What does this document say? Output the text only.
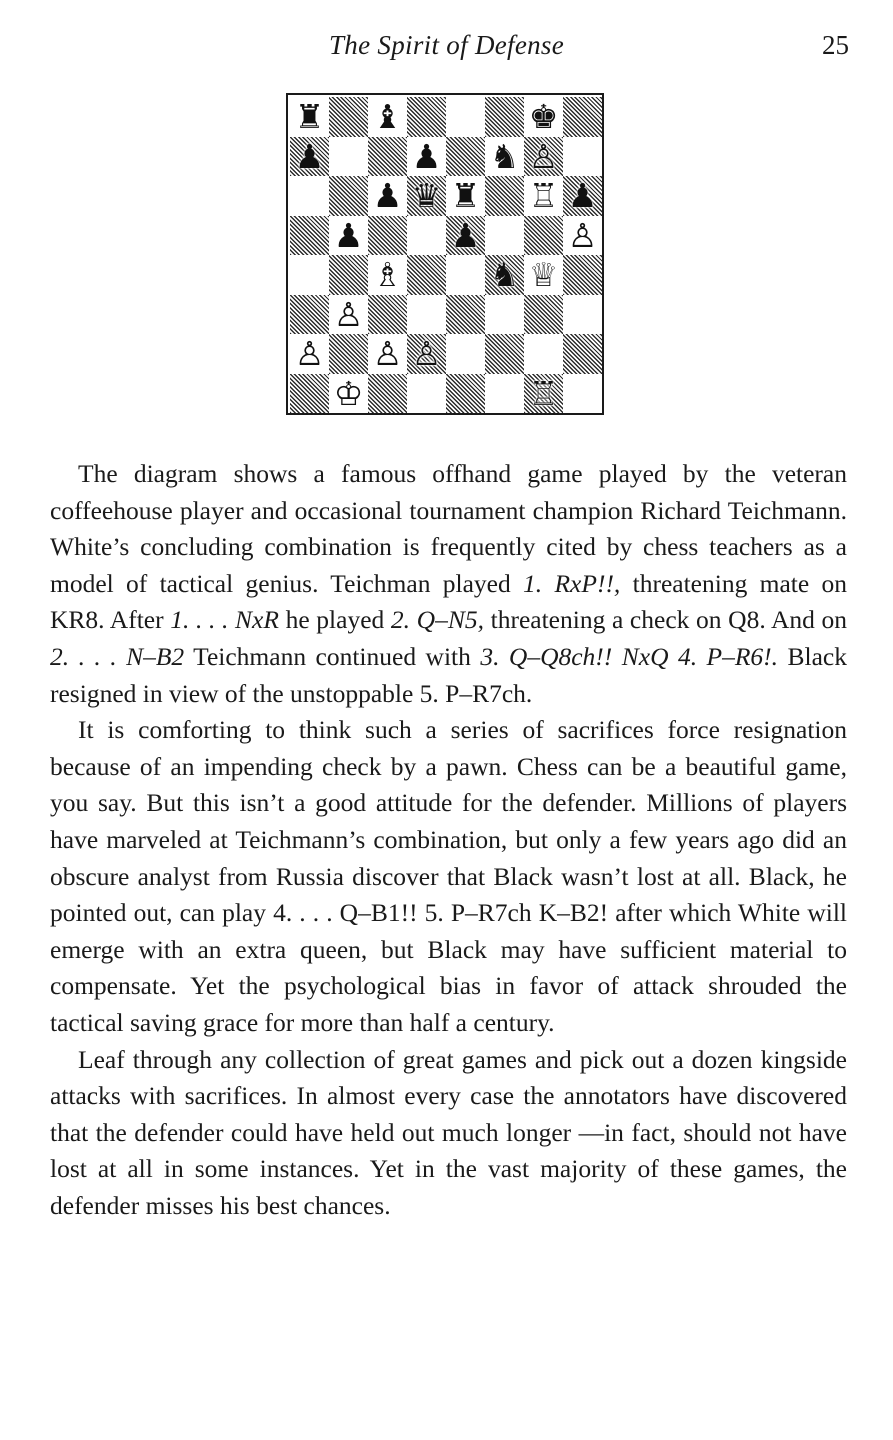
The Spirit of Defense	25
♜ ♝	♚
♟	♟ ♞ ♙
♟ ♛ ♜ ♖ ♟
♟	♟	♙
♗	♞ ♕
♙
♙ ♙ ♙
♔	♖

The diagram shows a famous offhand game played by the veteran coffeehouse player and occasional tournament champion Richard Teichmann. White’s concluding combination is frequently cited by chess teachers as a model of tactical genius. Teichman played 1. RxP!!, threatening mate on KR8. After 1. . . . NxR he played 2. Q–N5, threatening a check on Q8. And on 2. . . . N–B2 Teichmann continued with 3. Q–Q8ch!! NxQ 4. P–R6!. Black resigned in view of the unstoppable 5. P–R7ch.

It is comforting to think such a series of sacrifices force resignation because of an impending check by a pawn. Chess can be a beautiful game, you say. But this isn’t a good attitude for the defender. Millions of players have marveled at Teichmann’s combination, but only a few years ago did an obscure analyst from Russia discover that Black wasn’t lost at all. Black, he pointed out, can play 4. . . . Q–B1!! 5. P–R7ch K–B2! after which White will emerge with an extra queen, but Black may have sufficient material to compensate. Yet the psychological bias in favor of attack shrouded the tactical saving grace for more than half a century.

Leaf through any collection of great games and pick out a dozen kingside attacks with sacrifices. In almost every case the annotators have discovered that the defender could have held out much longer —in fact, should not have lost at all in some instances. Yet in the vast majority of these games, the defender misses his best chances.
